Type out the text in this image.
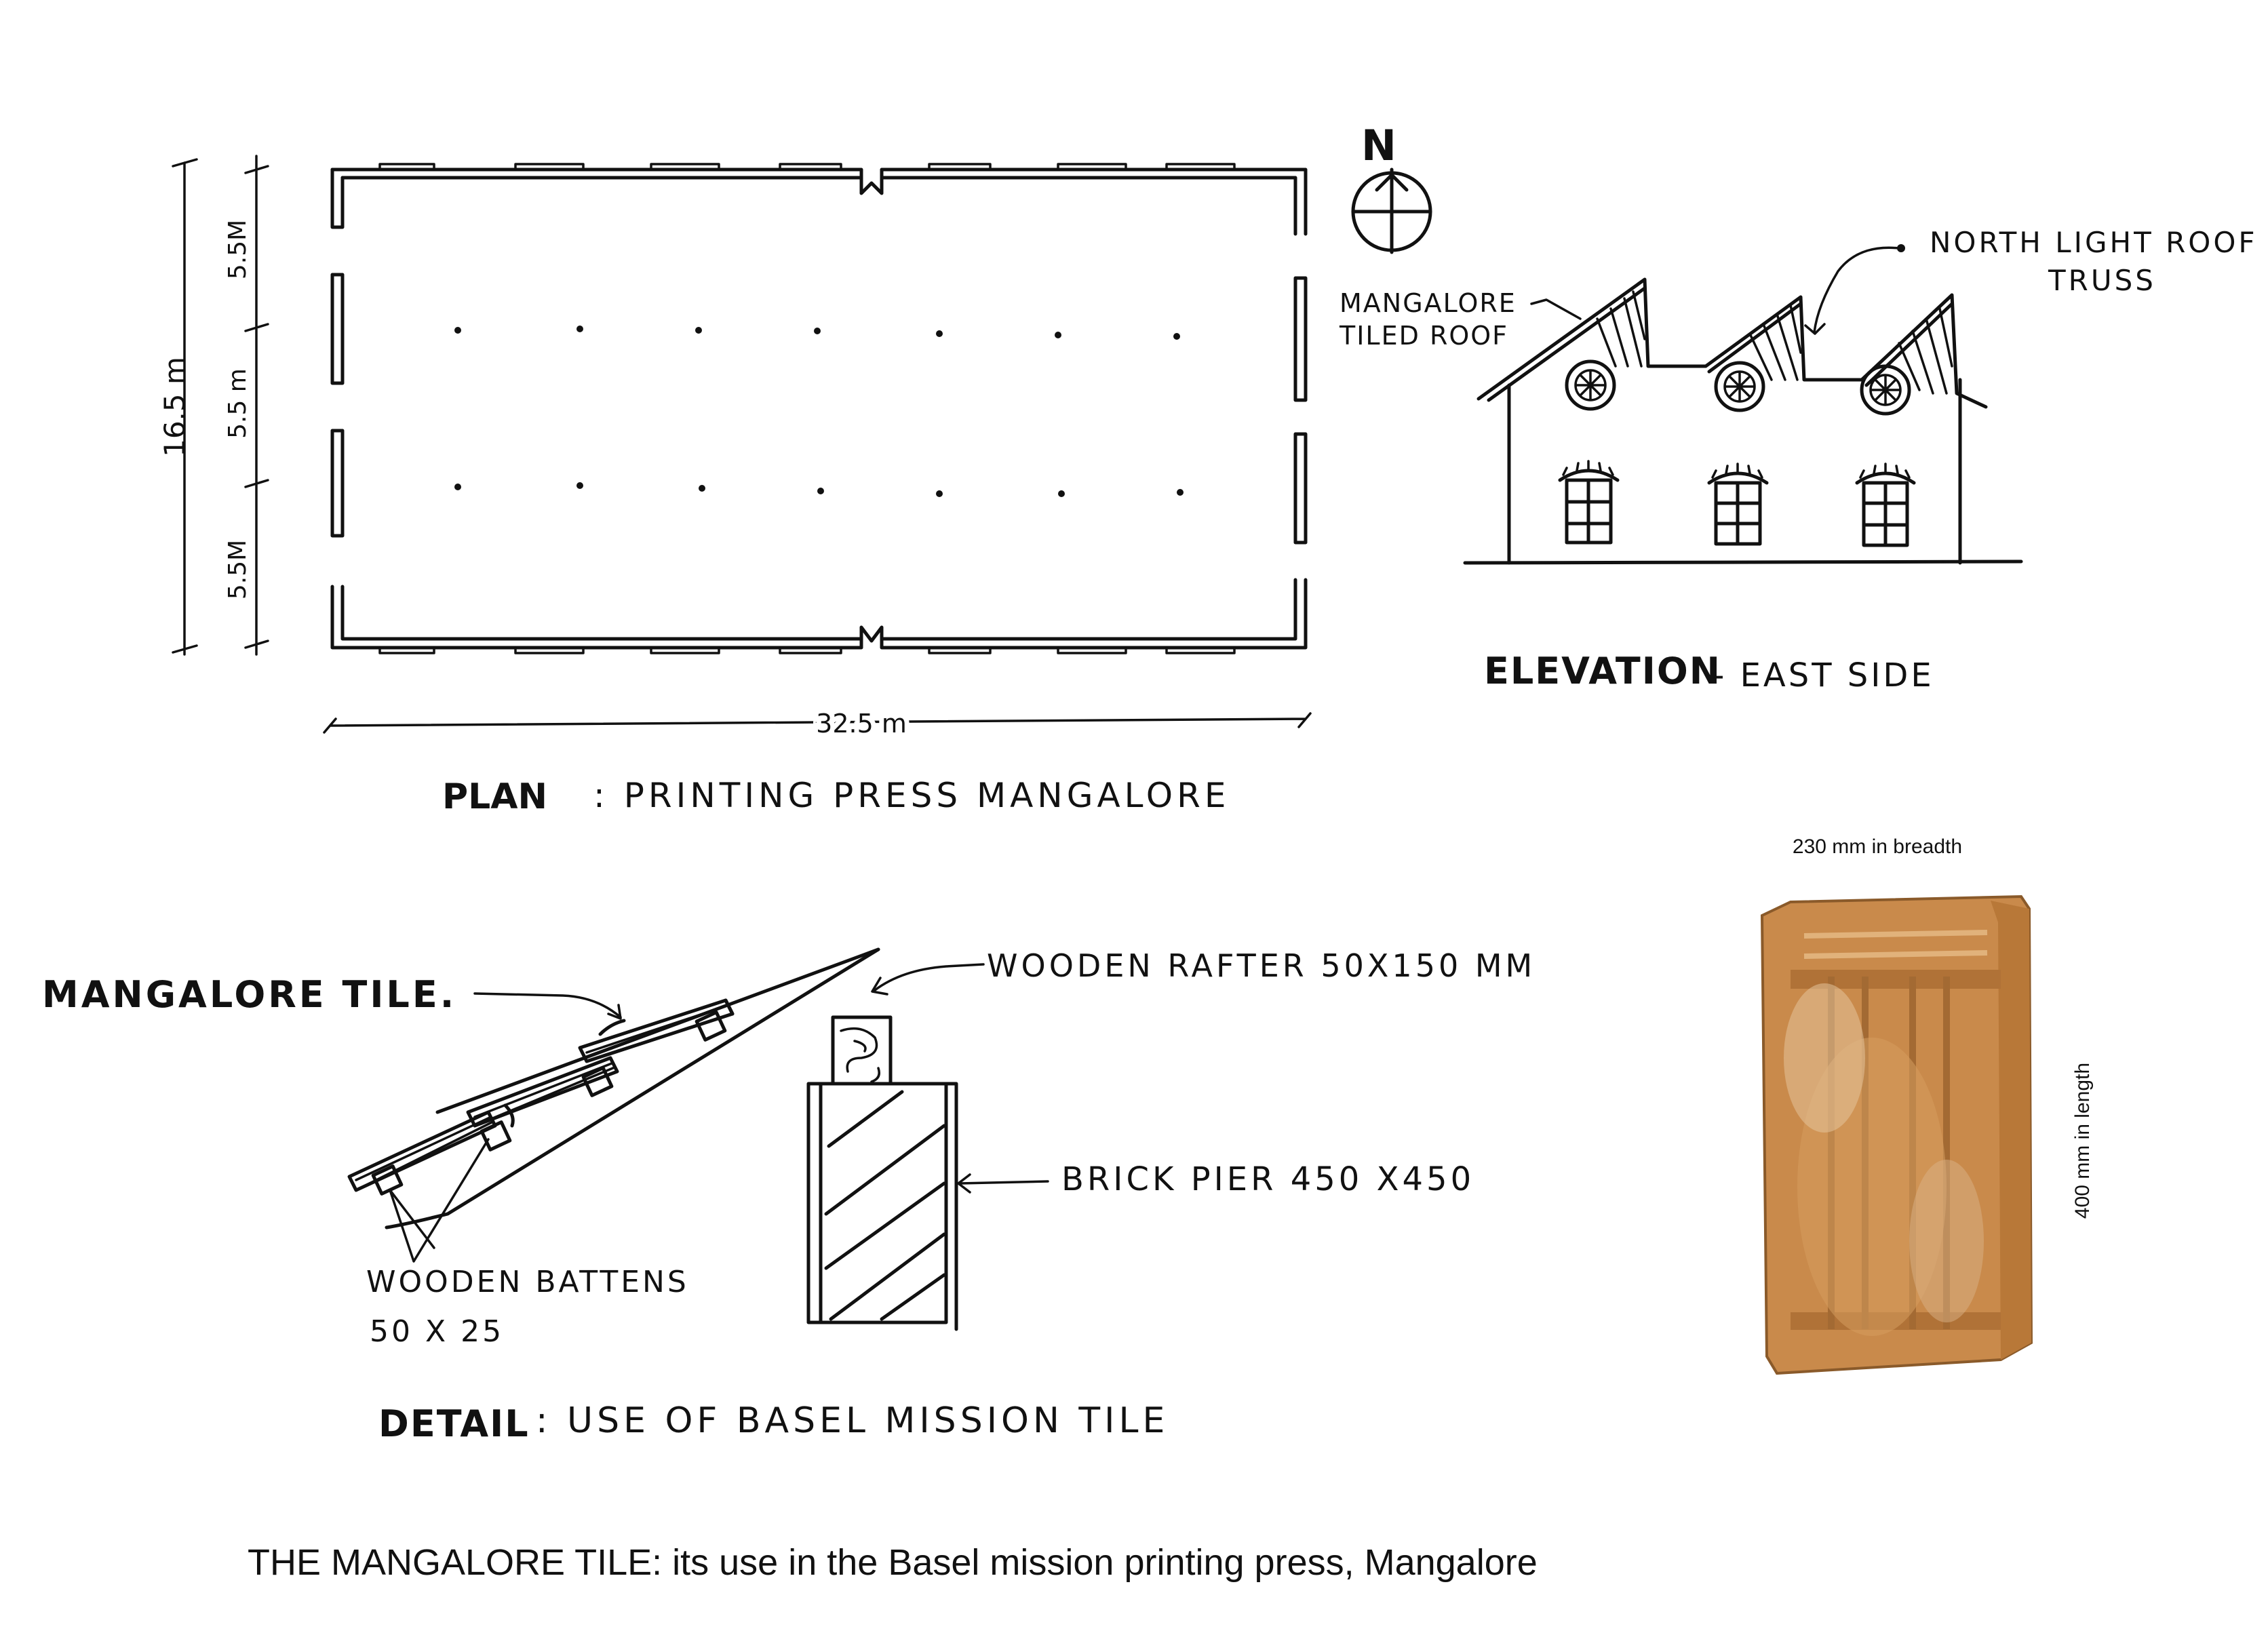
16.5 m
5.5M
5.5 m
5.5M
32.5 m
PLAN : PRINTING PRESS MANGALORE
N
MANGALORE
TILED ROOF
NORTH LIGHT ROOF
TRUSS
ELEVATION
- EAST SIDE
MANGALORE TILE.
WOODEN RAFTER 50X150 MM
BRICK PIER 450 X450
WOODEN BATTENS
50 X 25
DETAIL : USE OF BASEL MISSION TILE
230 mm in breadth
400 mm in length
THE MANGALORE TILE: its use in the Basel mission printing press, Mangalore
